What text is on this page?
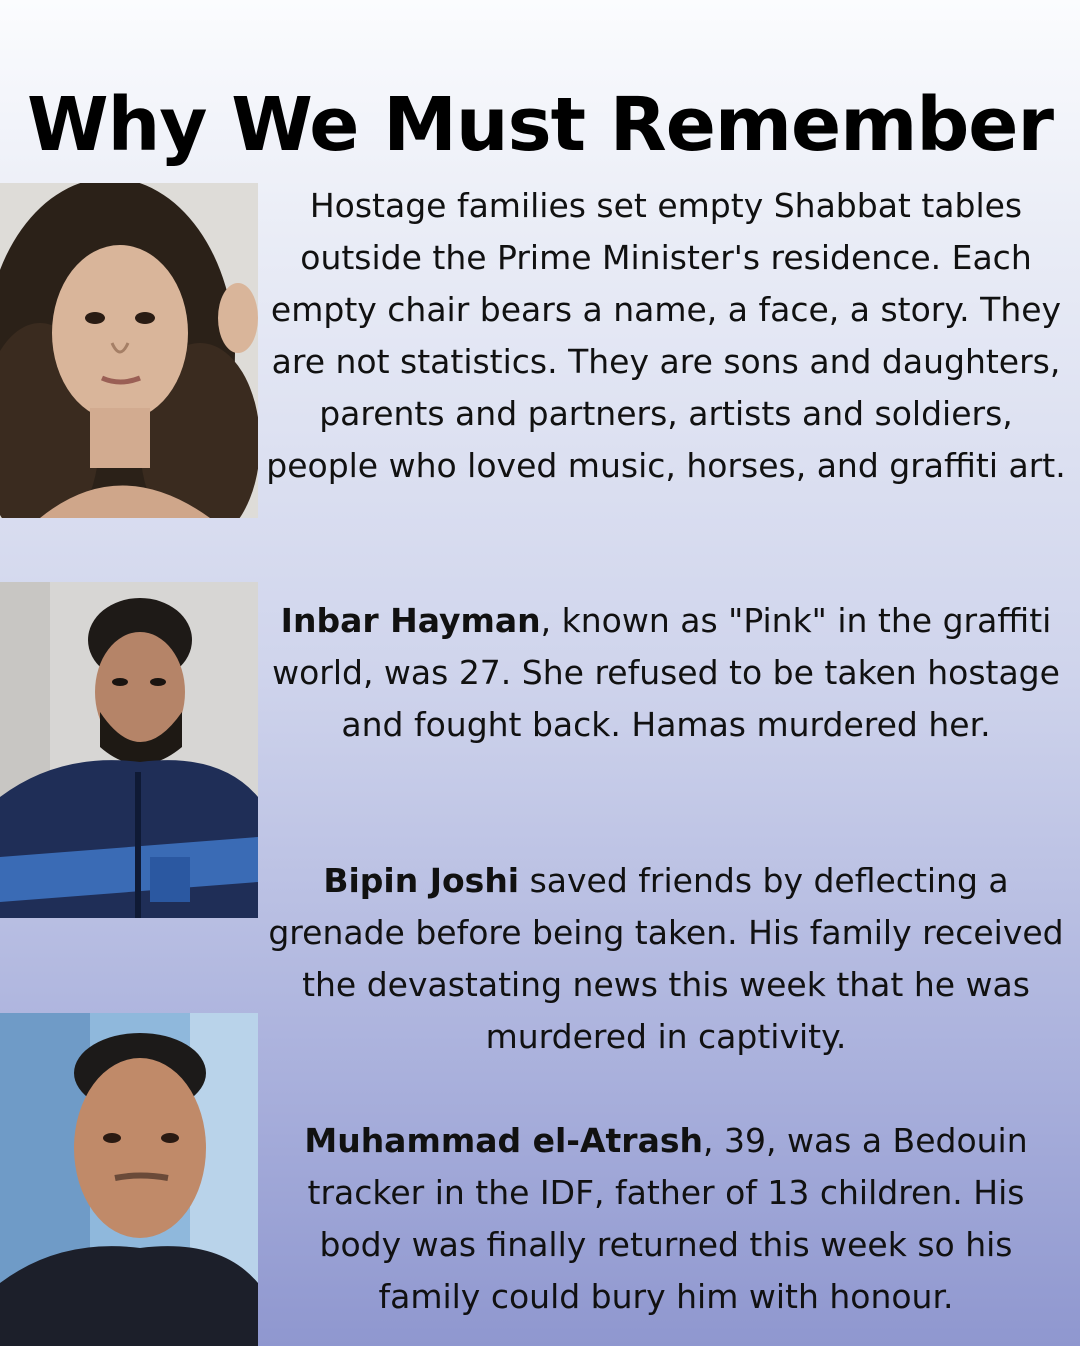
Why We Must Remember

Hostage families set empty Shabbat tables outside the Prime Minister's residence. Each empty chair bears a name, a face, a story. They are not statistics. They are sons and daughters, parents and partners, artists and soldiers, people who loved music, horses, and graffiti art.

Inbar Hayman, known as "Pink" in the graffiti world, was 27. She refused to be taken hostage and fought back. Hamas murdered her.

Bipin Joshi saved friends by deflecting a grenade before being taken. His family received the devastating news this week that he was murdered in captivity.

Muhammad el-Atrash, 39, was a Bedouin tracker in the IDF, father of 13 children. His body was finally returned this week so his family could bury him with honour.
